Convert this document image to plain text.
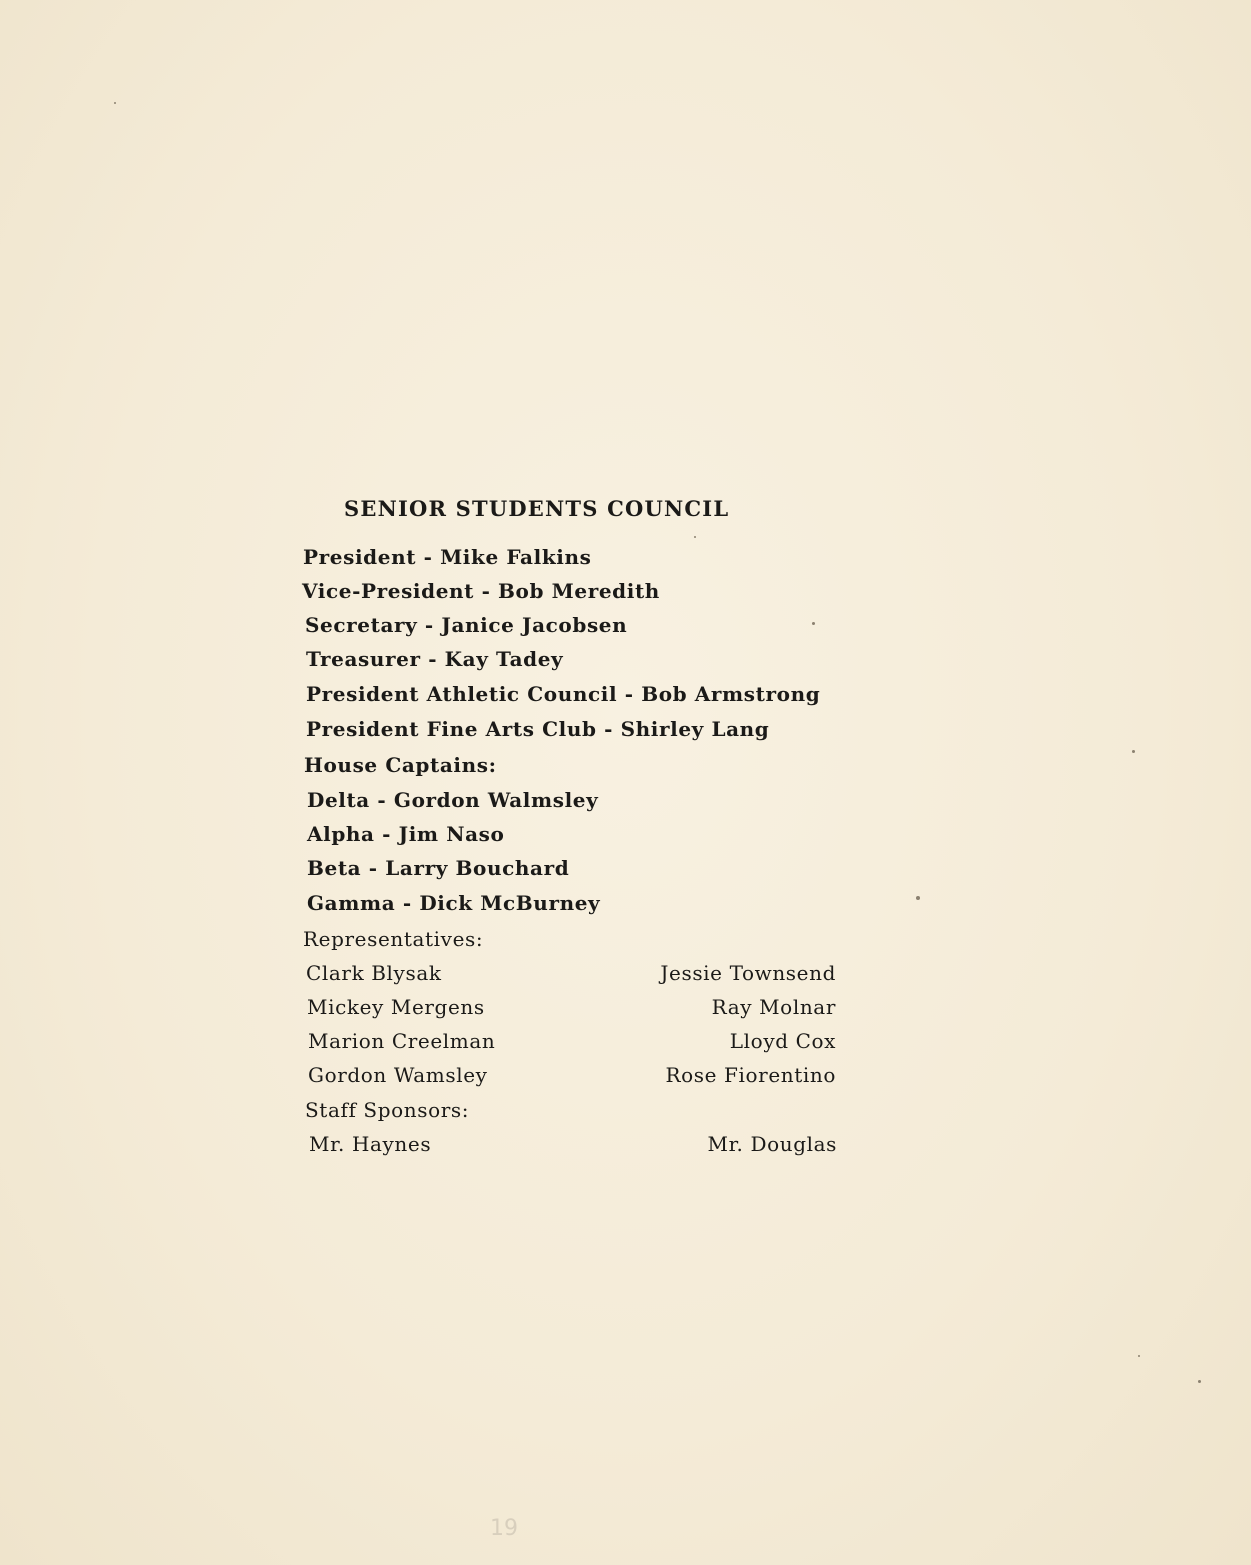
SENIOR STUDENTS COUNCIL
President - Mike Falkins
Vice-President - Bob Meredith
Secretary - Janice Jacobsen
Treasurer - Kay Tadey
President Athletic Council - Bob Armstrong
President Fine Arts Club - Shirley Lang
House Captains:
Delta - Gordon Walmsley
Alpha - Jim Naso
Beta - Larry Bouchard
Gamma - Dick McBurney
Representatives:
Clark Blysak
Mickey Mergens
Marion Creelman
Gordon Wamsley
Jessie Townsend
Ray Molnar
Lloyd Cox
Rose Fiorentino
Staff Sponsors:
Mr. Haynes	Mr. Douglas
19
